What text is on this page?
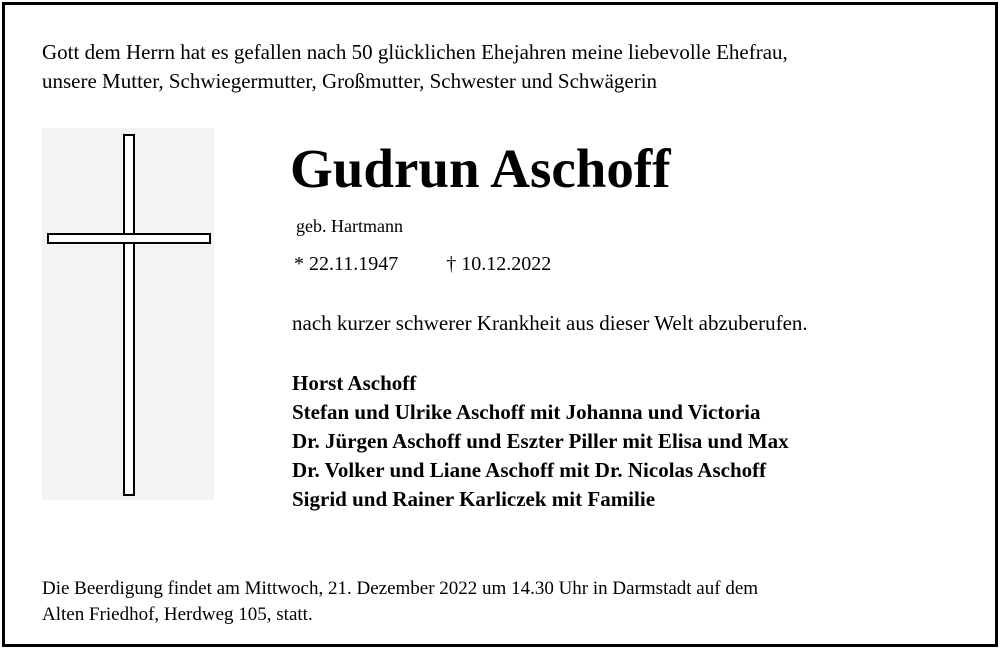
Gott dem Herrn hat es gefallen nach 50 glücklichen Ehejahren meine liebevolle Ehefrau,
unsere Mutter, Schwiegermutter, Großmutter, Schwester und Schwägerin

Gudrun Aschoff
geb. Hartmann
* 22.11.1947 † 10.12.2022
nach kurzer schwerer Krankheit aus dieser Welt abzuberufen.
Horst Aschoff
Stefan und Ulrike Aschoff mit Johanna und Victoria
Dr. Jürgen Aschoff und Eszter Piller mit Elisa und Max
Dr. Volker und Liane Aschoff mit Dr. Nicolas Aschoff
Sigrid und Rainer Karliczek mit Familie

Die Beerdigung findet am Mittwoch, 21. Dezember 2022 um 14.30 Uhr in Darmstadt auf dem
Alten Friedhof, Herdweg 105, statt.
